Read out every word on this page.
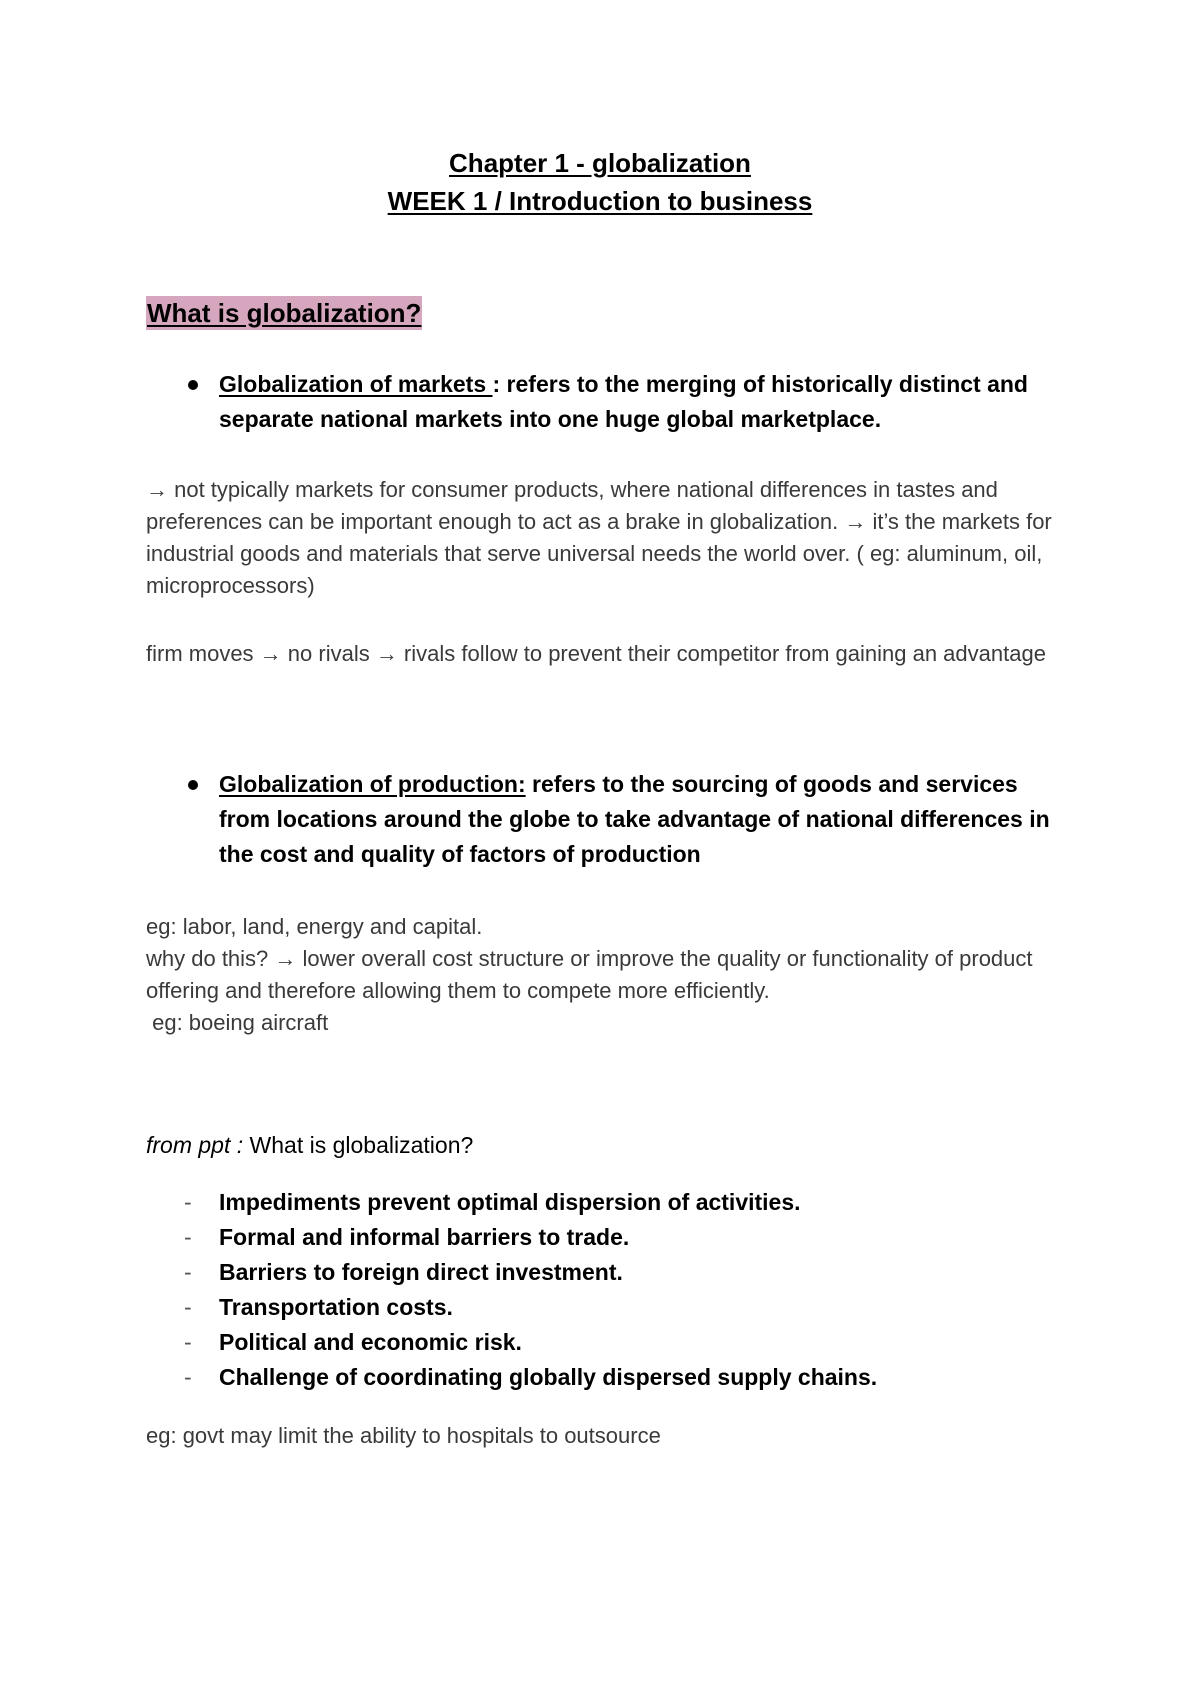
Chapter 1 - globalization
WEEK 1 / Introduction to business
What is globalization?
Globalization of markets : refers to the merging of historically distinct and separate national markets into one huge global marketplace.

→ not typically markets for consumer products, where national differences in tastes and preferences can be important enough to act as a brake in globalization. → it’s the markets for industrial goods and materials that serve universal needs the world over. ( eg: aluminum, oil, microprocessors)

firm moves → no rivals → rivals follow to prevent their competitor from gaining an advantage

Globalization of production: refers to the sourcing of goods and services from locations around the globe to take advantage of national differences in the cost and quality of factors of production

eg: labor, land, energy and capital.

why do this? → lower overall cost structure or improve the quality or functionality of product offering and therefore allowing them to compete more efficiently.

eg: boeing aircraft

from ppt : What is globalization?
- Impediments prevent optimal dispersion of activities.
- Formal and informal barriers to trade.
- Barriers to foreign direct investment.
- Transportation costs.
- Political and economic risk.
- Challenge of coordinating globally dispersed supply chains.

eg: govt may limit the ability to hospitals to outsource
